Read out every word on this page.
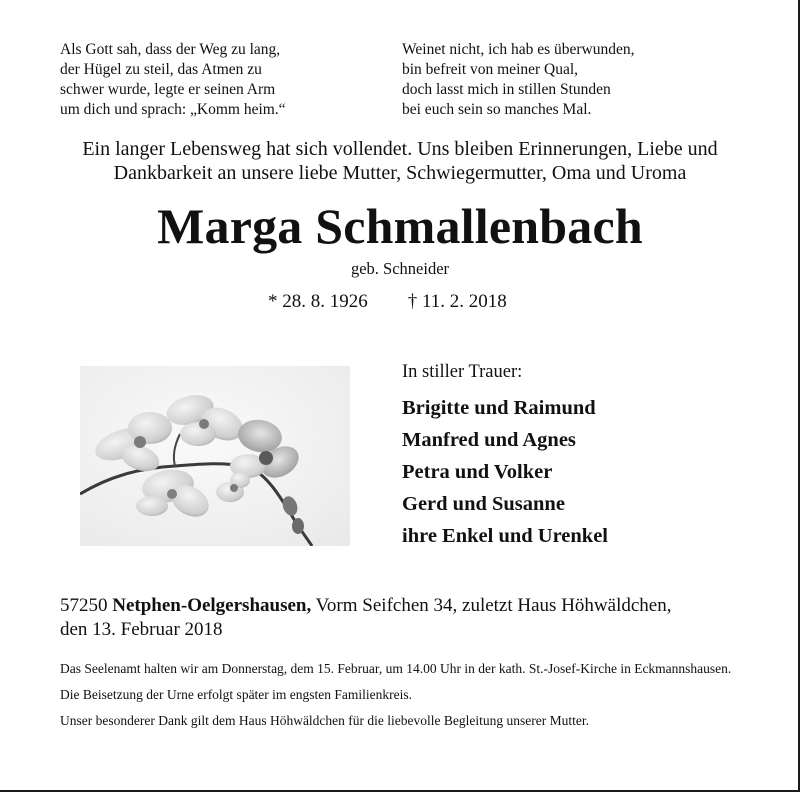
Als Gott sah, dass der Weg zu lang,
der Hügel zu steil, das Atmen zu
schwer wurde, legte er seinen Arm
um dich und sprach: „Komm heim.“
Weinet nicht, ich hab es überwunden,
bin befreit von meiner Qual,
doch lasst mich in stillen Stunden
bei euch sein so manches Mal.
Ein langer Lebensweg hat sich vollendet. Uns bleiben Erinnerungen, Liebe und
Dankbarkeit an unsere liebe Mutter, Schwiegermutter, Oma und Uroma
Marga Schmallenbach
geb. Schneider
* 28. 8. 1926 † 11. 2. 2018
In stiller Trauer:
Brigitte und Raimund
Manfred und Agnes
Petra und Volker
Gerd und Susanne
ihre Enkel und Urenkel
57250 Netphen-Oelgershausen, Vorm Seifchen 34, zuletzt Haus Höhwäldchen,
den 13. Februar 2018

Das Seelenamt halten wir am Donnerstag, dem 15. Februar, um 14.00 Uhr in der kath. St.-Josef-Kirche in Eckmannshausen.

Die Beisetzung der Urne erfolgt später im engsten Familienkreis.

Unser besonderer Dank gilt dem Haus Höhwäldchen für die liebevolle Begleitung unserer Mutter.
